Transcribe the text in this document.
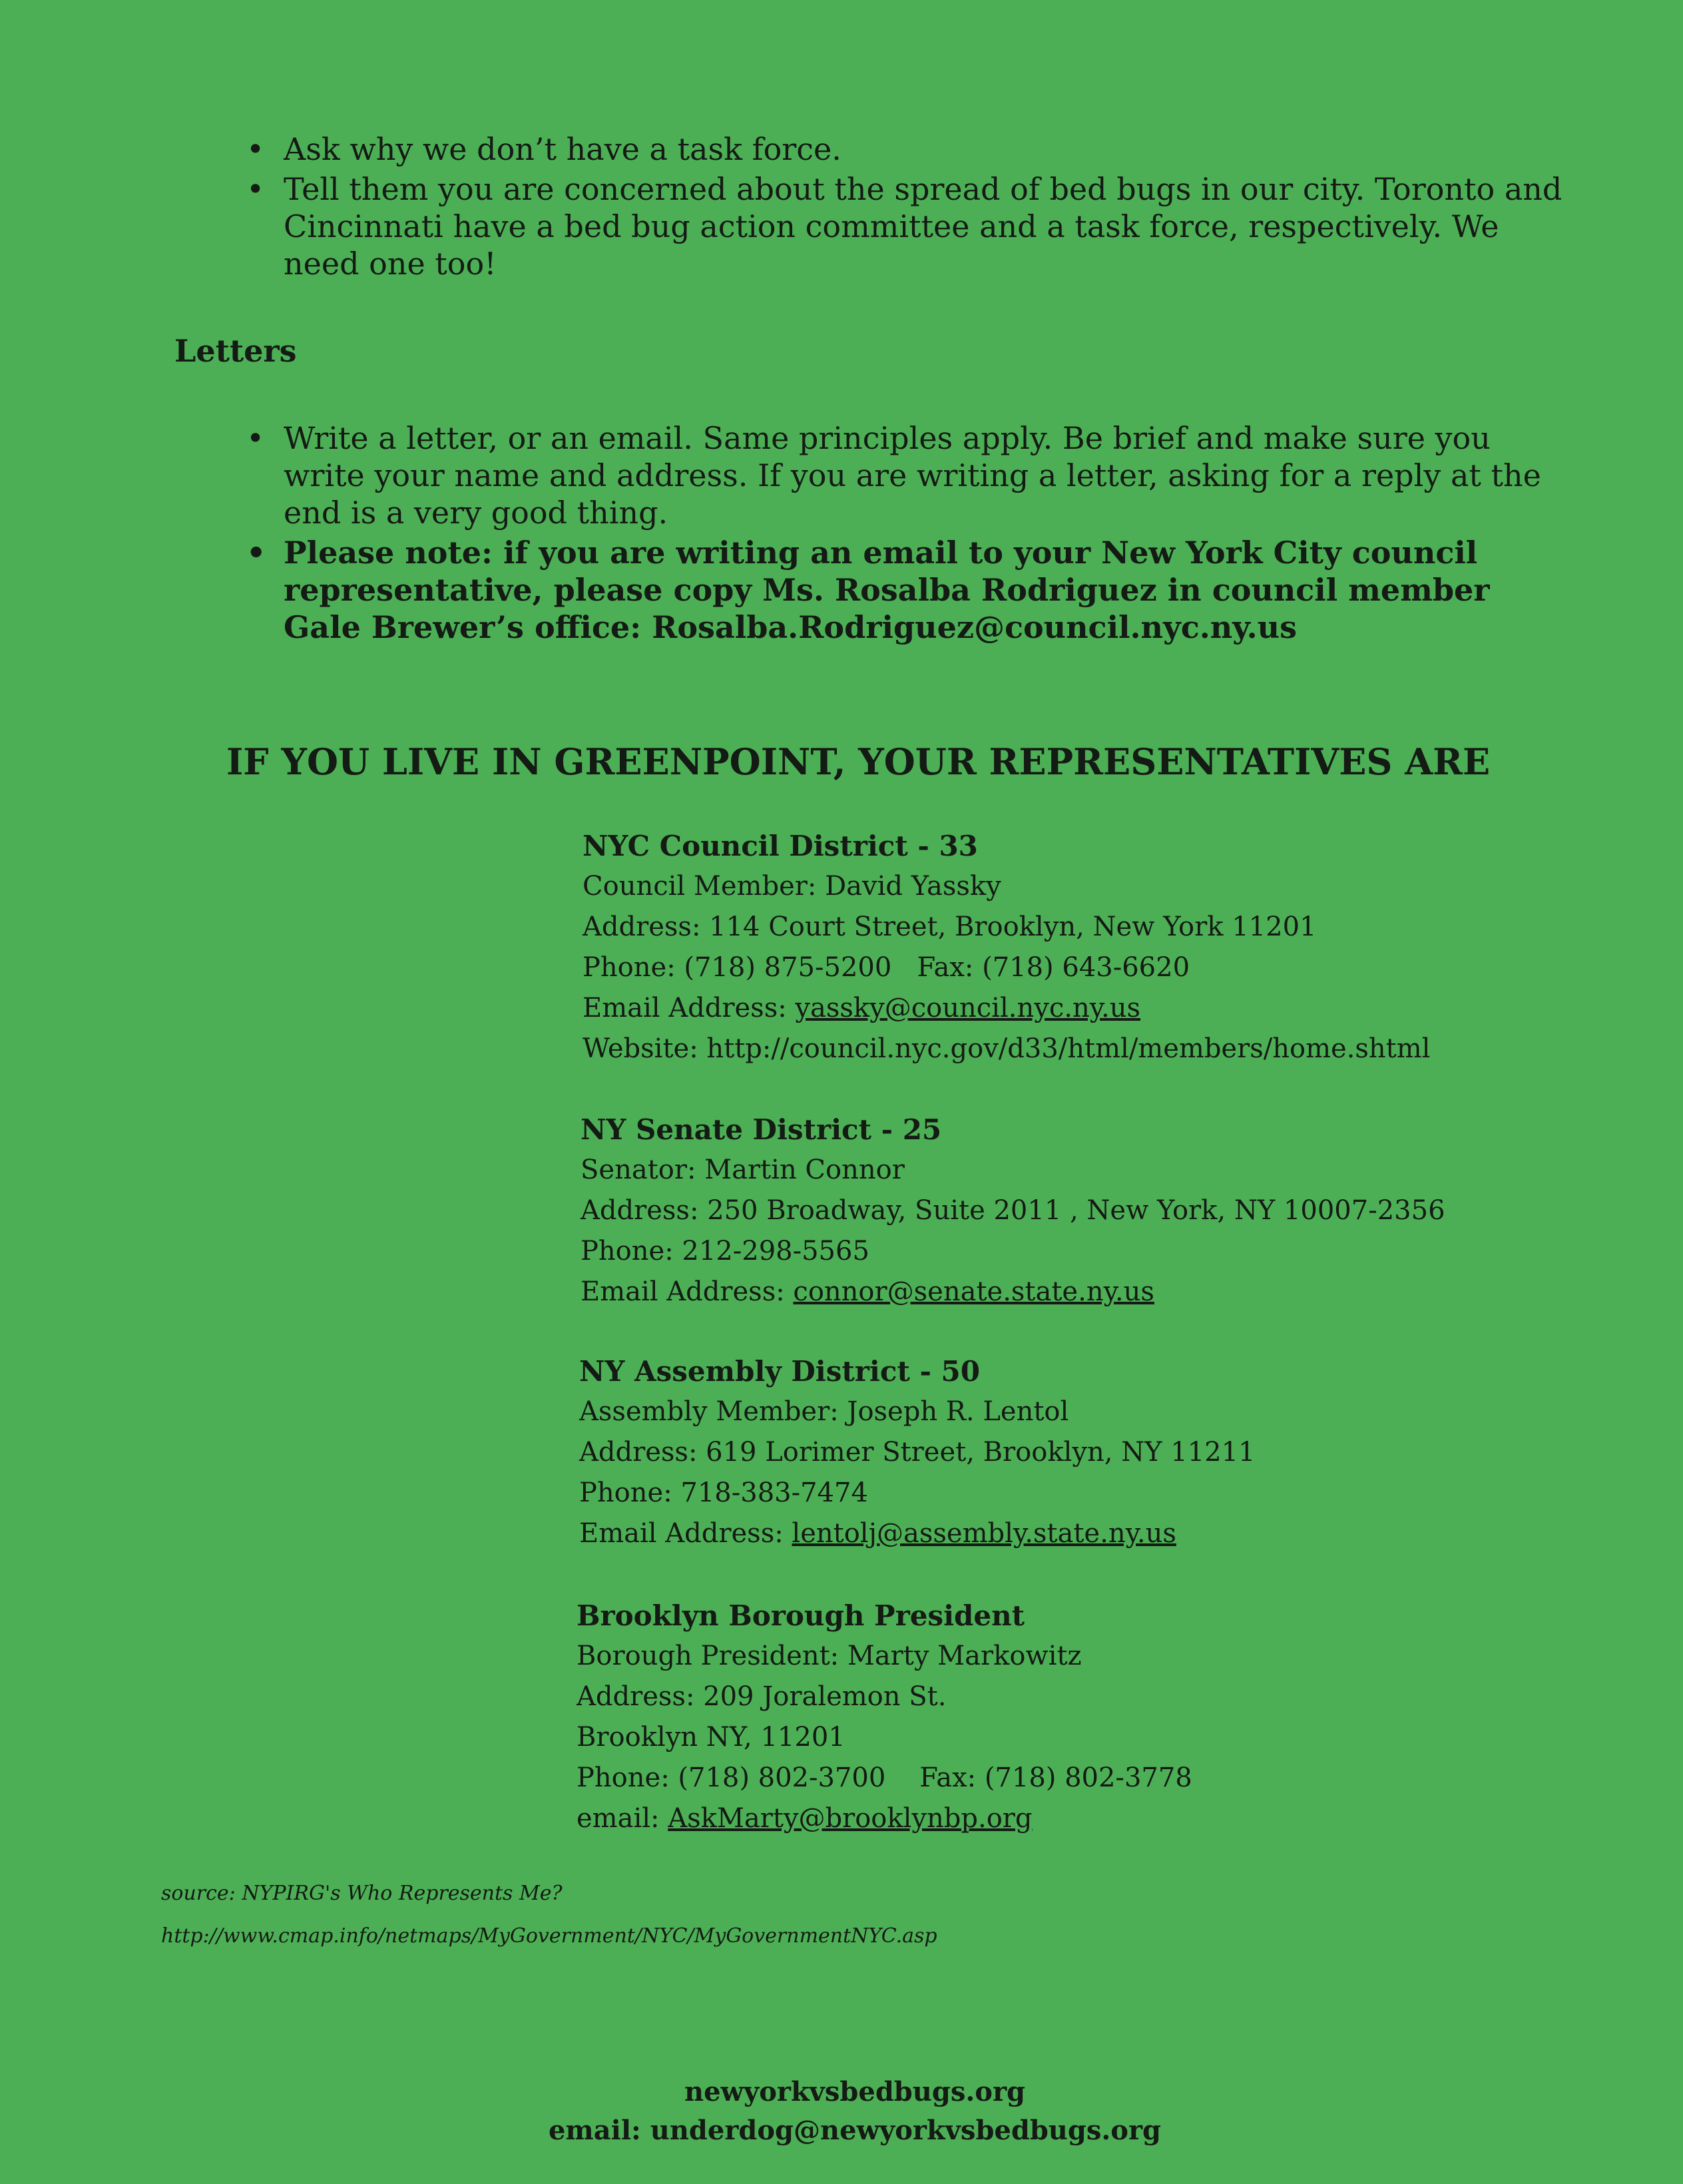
• Ask why we don’t have a task force.
• Tell them you are concerned about the spread of bed bugs in our city. Toronto and Cincinnati have a bed bug action committee and a task force, respectively. We need one too!
Letters
• Write a letter, or an email. Same principles apply. Be brief and make sure you write your name and address. If you are writing a letter, asking for a reply at the end is a very good thing.
• Please note: if you are writing an email to your New York City council representative, please copy Ms. Rosalba Rodriguez in council member Gale Brewer’s office: Rosalba.Rodriguez@council.nyc.ny.us
IF YOU LIVE IN GREENPOINT, YOUR REPRESENTATIVES ARE
NYC Council District - 33
Council Member: David Yassky
Address: 114 Court Street, Brooklyn, New York 11201
Phone: (718) 875-5200   Fax: (718) 643-6620
Email Address: yassky@council.nyc.ny.us
Website: http://council.nyc.gov/d33/html/members/home.shtml
NY Senate District - 25
Senator: Martin Connor
Address: 250 Broadway, Suite 2011 , New York, NY 10007-2356
Phone: 212-298-5565
Email Address: connor@senate.state.ny.us
NY Assembly District - 50
Assembly Member: Joseph R. Lentol
Address: 619 Lorimer Street, Brooklyn, NY 11211
Phone: 718-383-7474
Email Address: lentolj@assembly.state.ny.us
Brooklyn Borough President
Borough President: Marty Markowitz
Address: 209 Joralemon St.
Brooklyn NY, 11201
Phone: (718) 802-3700    Fax: (718) 802-3778
email: AskMarty@brooklynbp.org
source: NYPIRG's Who Represents Me?
http://www.cmap.info/netmaps/MyGovernment/NYC/MyGovernmentNYC.asp
newyorkvsbedbugs.org
email: underdog@newyorkvsbedbugs.org
